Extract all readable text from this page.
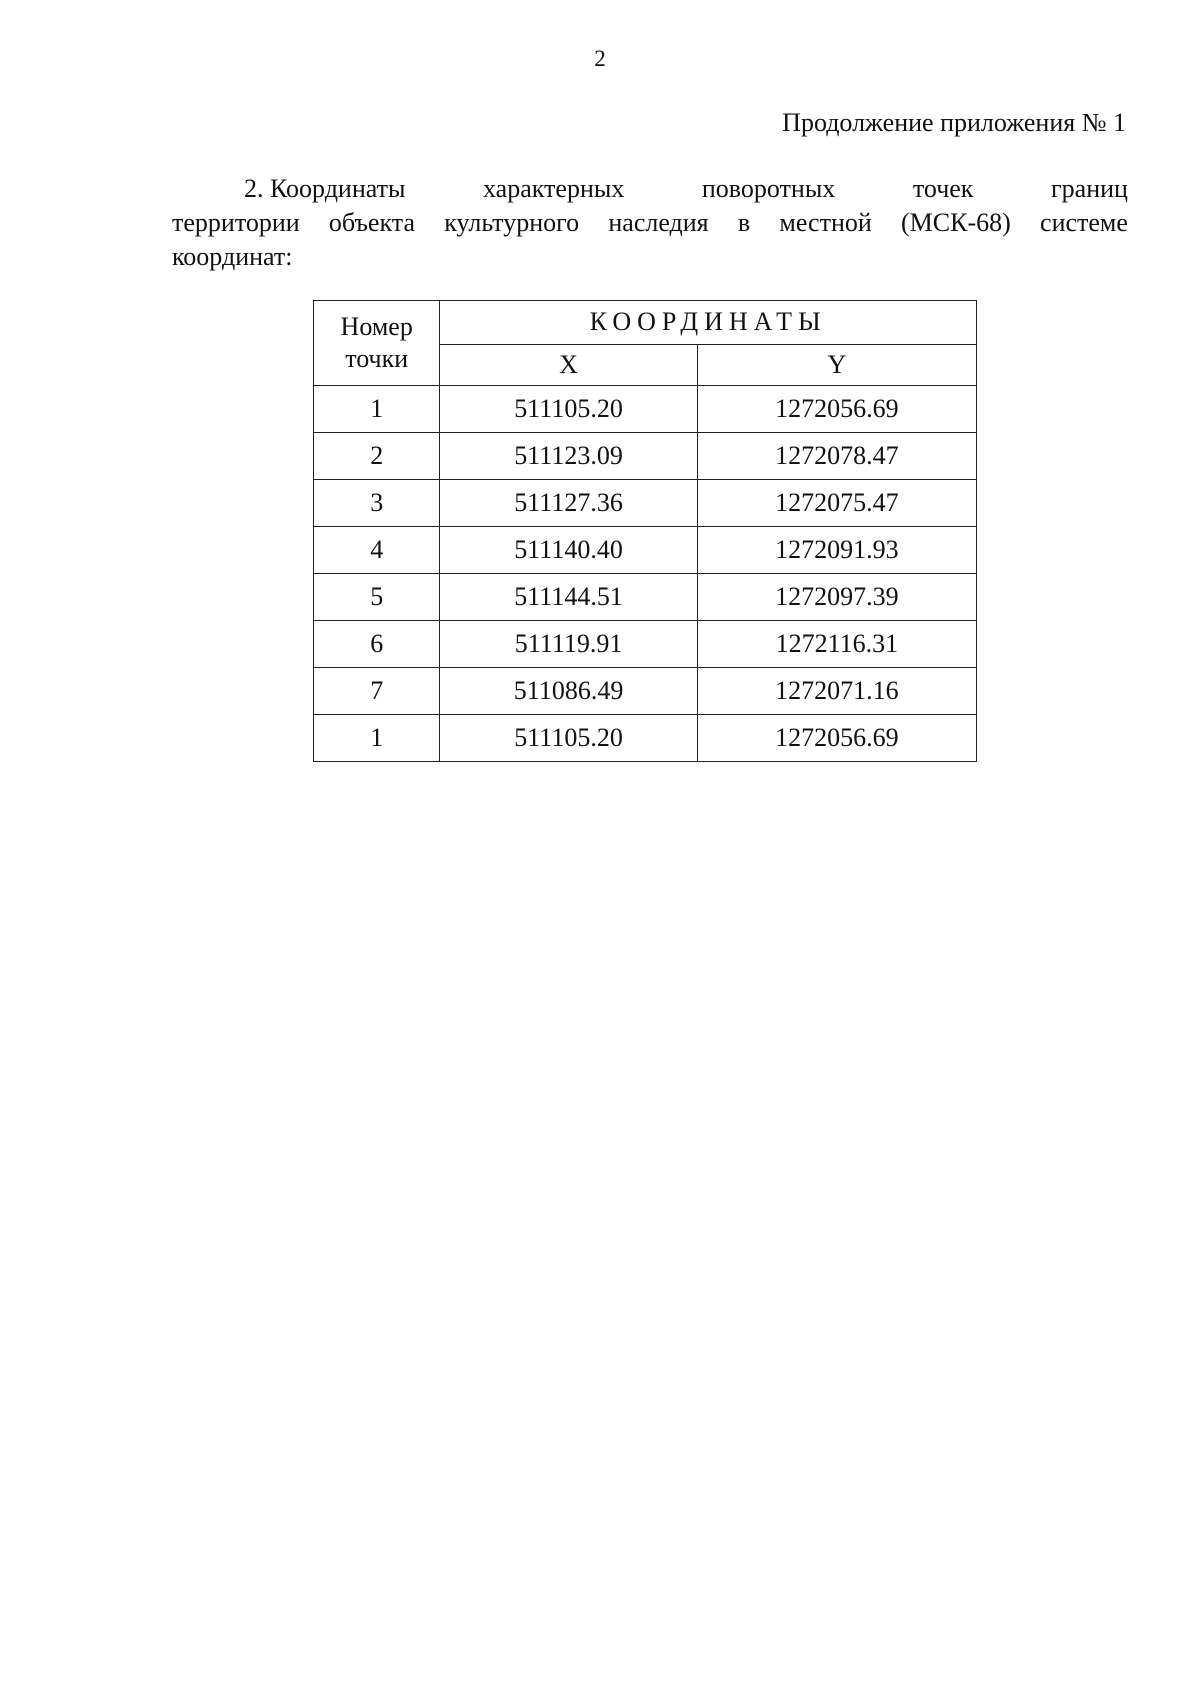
2
Продолжение приложения № 1
2. Координаты	характерных	поворотных	точек	границ
территории объекта культурного наследия в местной (МСК-68) системе
координат:
Номер
точки	КООРДИНАТЫ	
	X	Y
1	511105.20	1272056.69
2	511123.09	1272078.47
3	511127.36	1272075.47
4	511140.40	1272091.93
5	511144.51	1272097.39
6	511119.91	1272116.31
7	511086.49	1272071.16
1	511105.20	1272056.69
